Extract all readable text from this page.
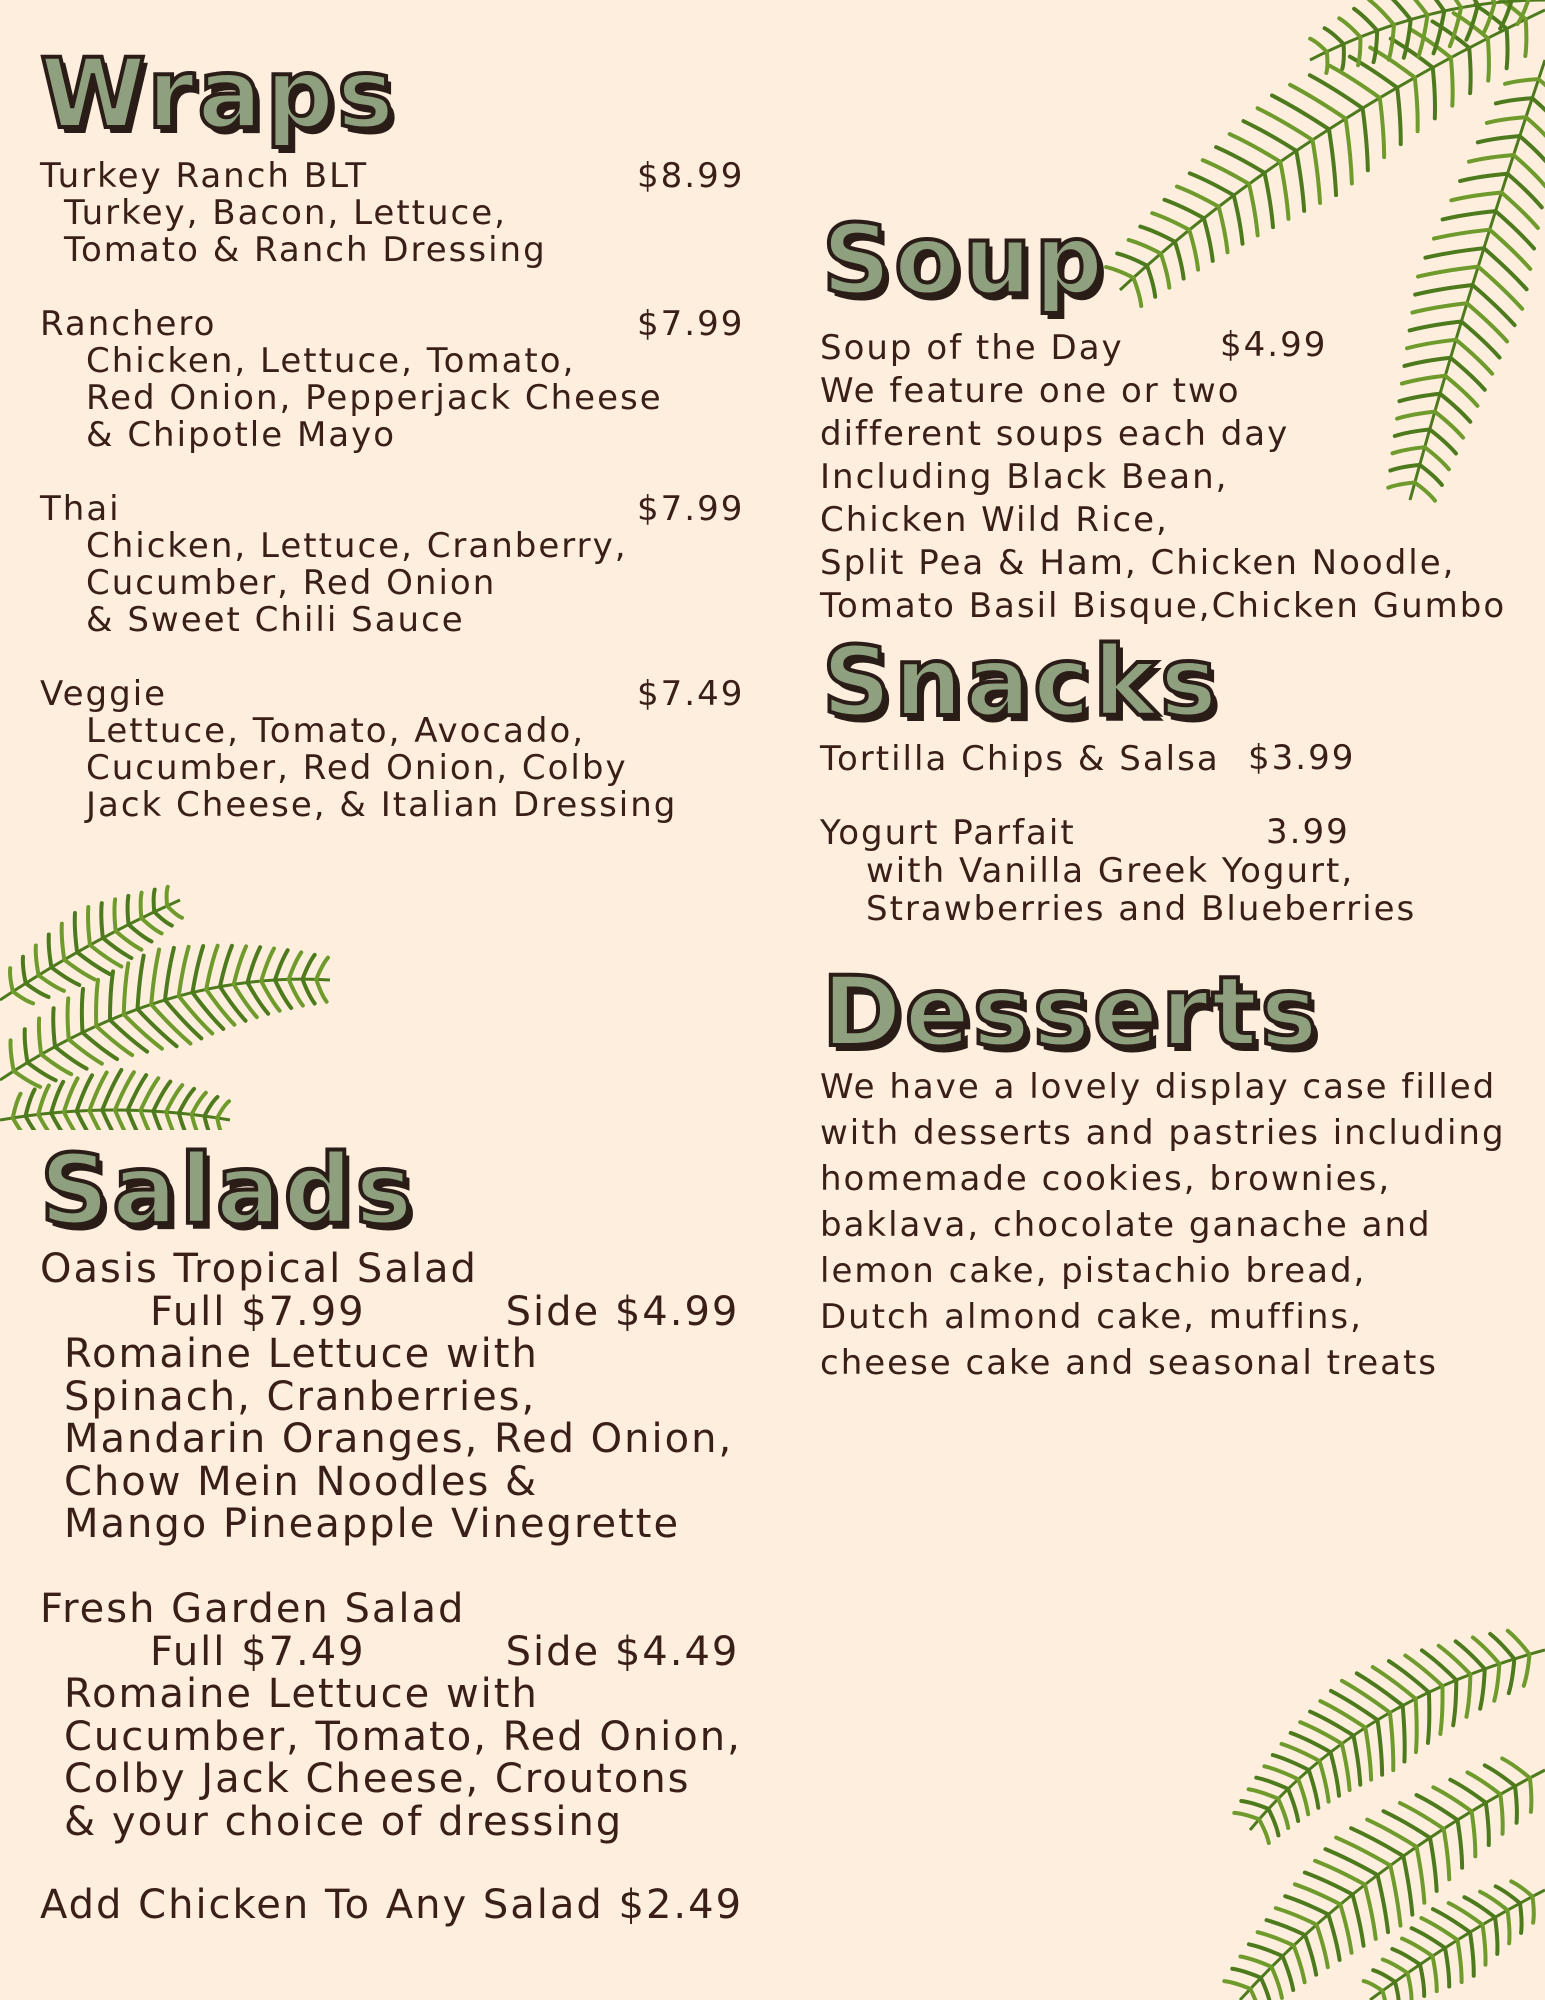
Wraps
Turkey Ranch BLT
Turkey, Bacon, Lettuce,
Tomato & Ranch Dressing
$8.99
Ranchero
Chicken, Lettuce, Tomato,
Red Onion, Pepperjack Cheese
& Chipotle Mayo
$7.99
Thai
Chicken, Lettuce, Cranberry,
Cucumber, Red Onion
& Sweet Chili Sauce
$7.99
Veggie
Lettuce, Tomato, Avocado,
Cucumber, Red Onion, Colby
Jack Cheese, & Italian Dressing
$7.49
Salads
Oasis Tropical Salad
Full $7.99	Side $4.99
Romaine Lettuce with
Spinach, Cranberries,
Mandarin Oranges, Red Onion,
Chow Mein Noodles &
Mango Pineapple Vinegrette
Fresh Garden Salad
Full $7.49	Side $4.49
Romaine Lettuce with
Cucumber, Tomato, Red Onion,
Colby Jack Cheese, Croutons
& your choice of dressing
Add Chicken To Any Salad $2.49
Soup
Soup of the Day
We feature one or two
different soups each day
Including Black Bean,
Chicken Wild Rice,
Split Pea & Ham, Chicken Noodle,
Tomato Basil Bisque,Chicken Gumbo
$4.99
Snacks
Tortilla Chips & Salsa $3.99
Yogurt Parfait
with Vanilla Greek Yogurt,
Strawberries and Blueberries
3.99
Desserts
We have a lovely display case filled
with desserts and pastries including
homemade cookies, brownies,
baklava, chocolate ganache and
lemon cake, pistachio bread,
Dutch almond cake, muffins,
cheese cake and seasonal treats
